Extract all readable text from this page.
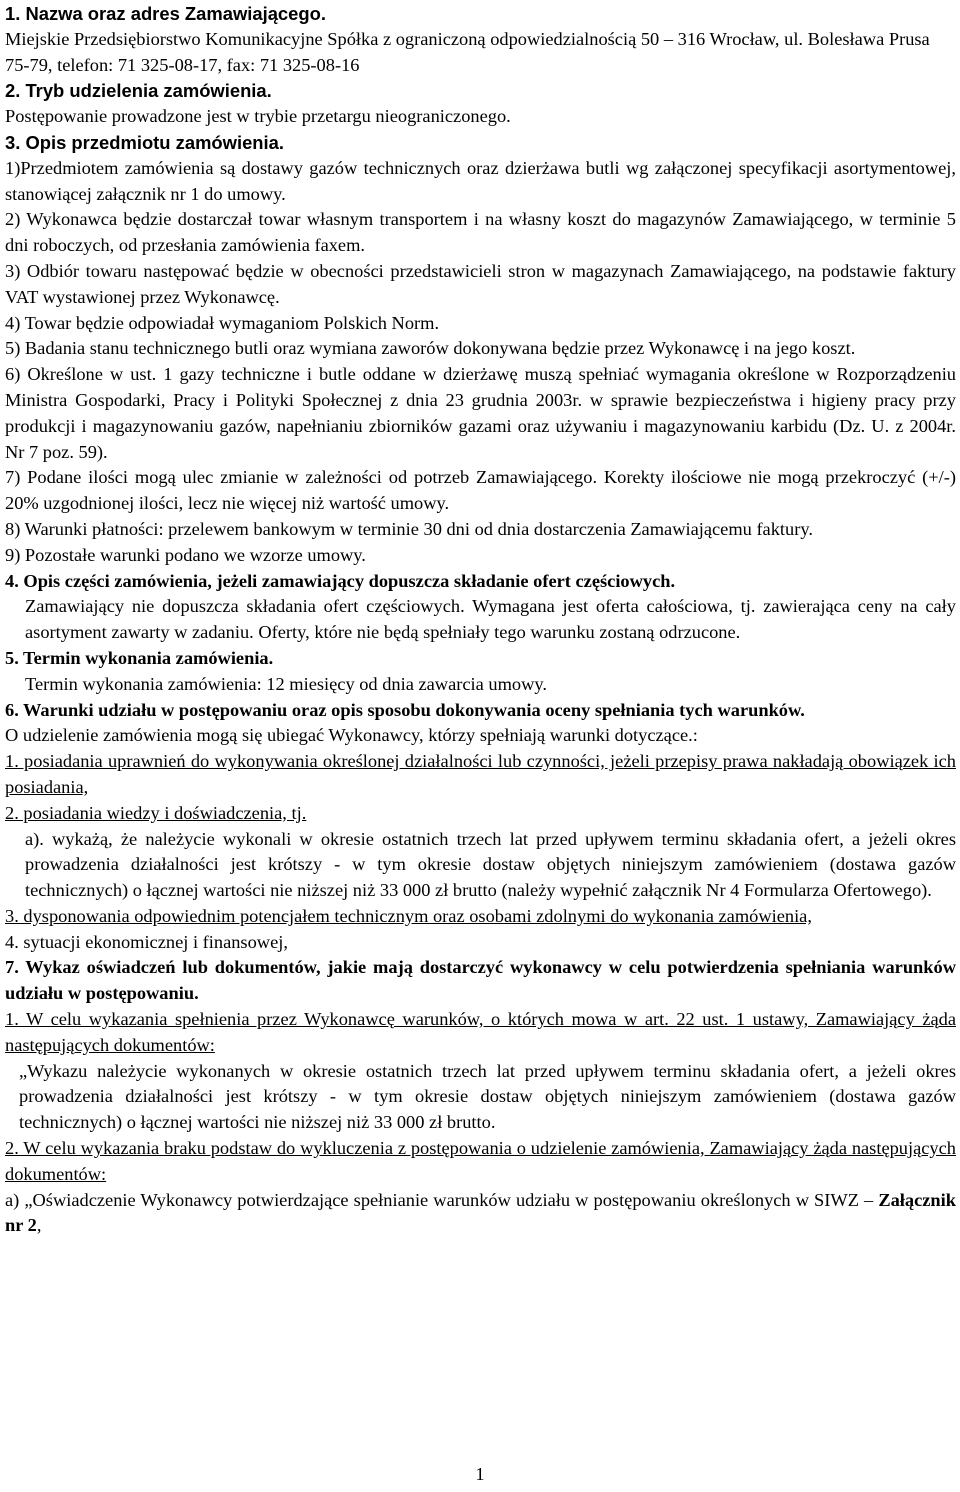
1. Nazwa oraz adres Zamawiającego.

Miejskie Przedsiębiorstwo Komunikacyjne Spółka z ograniczoną odpowiedzialnością 50 – 316 Wrocław, ul. Bolesława Prusa 75-79, telefon: 71 325-08-17, fax: 71 325-08-16

2. Tryb udzielenia zamówienia.

Postępowanie prowadzone jest w trybie przetargu nieograniczonego.

3. Opis przedmiotu zamówienia.

1)Przedmiotem zamówienia są dostawy gazów technicznych oraz dzierżawa butli wg załączonej specyfikacji asortymentowej, stanowiącej załącznik nr 1 do umowy.

2) Wykonawca będzie dostarczał towar własnym transportem i na własny koszt do magazynów Zamawiającego, w terminie 5 dni roboczych, od przesłania zamówienia faxem.

3) Odbiór towaru następować będzie w obecności przedstawicieli stron w magazynach Zamawiającego, na podstawie faktury VAT wystawionej przez Wykonawcę.

4) Towar będzie odpowiadał wymaganiom Polskich Norm.

5) Badania stanu technicznego butli oraz wymiana zaworów dokonywana będzie przez Wykonawcę i na jego koszt.

6) Określone w ust. 1 gazy techniczne i butle oddane w dzierżawę muszą spełniać wymagania określone w Rozporządzeniu Ministra Gospodarki, Pracy i Polityki Społecznej z dnia 23 grudnia 2003r. w sprawie bezpieczeństwa i higieny pracy przy produkcji i magazynowaniu gazów, napełnianiu zbiorników gazami oraz używaniu i magazynowaniu karbidu (Dz. U. z 2004r. Nr 7 poz. 59).

7) Podane ilości mogą ulec zmianie w zależności od potrzeb Zamawiającego. Korekty ilościowe nie mogą przekroczyć (+/-) 20% uzgodnionej ilości, lecz nie więcej niż wartość umowy.

8) Warunki płatności: przelewem bankowym w terminie 30 dni od dnia dostarczenia Zamawiającemu faktury.

9) Pozostałe warunki podano we wzorze umowy.

4. Opis części zamówienia, jeżeli zamawiający dopuszcza składanie ofert częściowych.

Zamawiający nie dopuszcza składania ofert częściowych. Wymagana jest oferta całościowa, tj. zawierająca ceny na cały asortyment zawarty w zadaniu. Oferty, które nie będą spełniały tego warunku zostaną odrzucone.

5. Termin wykonania zamówienia.

Termin wykonania zamówienia: 12 miesięcy od dnia zawarcia umowy.

6. Warunki udziału w postępowaniu oraz opis sposobu dokonywania oceny spełniania tych warunków.

O udzielenie zamówienia mogą się ubiegać Wykonawcy, którzy spełniają warunki dotyczące.:

1. posiadania uprawnień do wykonywania określonej działalności lub czynności, jeżeli przepisy prawa nakładają obowiązek ich posiadania,

2. posiadania wiedzy i doświadczenia, tj.

a). wykażą, że należycie wykonali w okresie ostatnich trzech lat przed upływem terminu składania ofert, a jeżeli okres prowadzenia działalności jest krótszy - w tym okresie dostaw objętych niniejszym zamówieniem (dostawa gazów technicznych) o łącznej wartości nie niższej niż 33 000 zł brutto (należy wypełnić załącznik Nr 4 Formularza Ofertowego).

3. dysponowania odpowiednim potencjałem technicznym oraz osobami zdolnymi do wykonania zamówienia,

4. sytuacji ekonomicznej i finansowej,

7. Wykaz oświadczeń lub dokumentów, jakie mają dostarczyć wykonawcy w celu potwierdzenia spełniania warunków udziału w postępowaniu.

1. W celu wykazania spełnienia przez Wykonawcę warunków, o których mowa w art. 22 ust. 1 ustawy, Zamawiający żąda następujących dokumentów:

„Wykazu należycie wykonanych w okresie ostatnich trzech lat przed upływem terminu składania ofert, a jeżeli okres prowadzenia działalności jest krótszy - w tym okresie dostaw objętych niniejszym zamówieniem (dostawa gazów technicznych) o łącznej wartości nie niższej niż 33 000 zł brutto.

2. W celu wykazania braku podstaw do wykluczenia z postępowania o udzielenie zamówienia, Zamawiający żąda następujących dokumentów:

a) „Oświadczenie Wykonawcy potwierdzające spełnianie warunków udziału w postępowaniu określonych w SIWZ – Załącznik nr 2,

1
